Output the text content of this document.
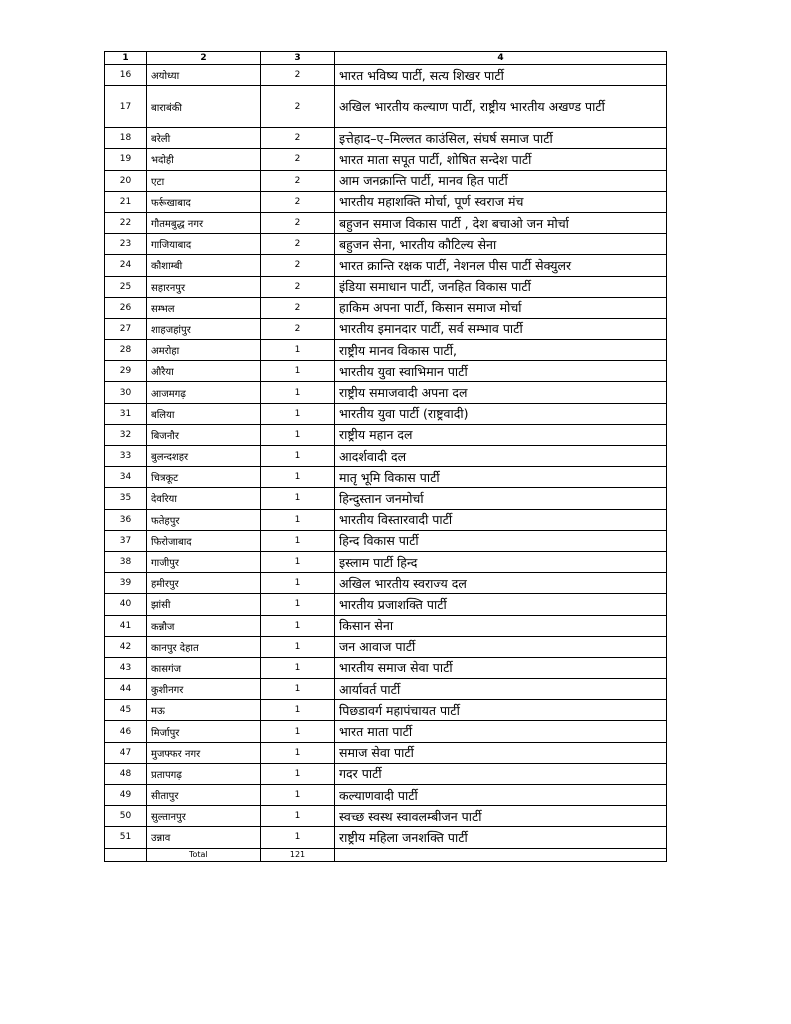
1	2	3	4
16	अयोध्या	2	भारत भविष्य पार्टी, सत्य शिखर पार्टी
17	बाराबंकी	2	अखिल भारतीय कल्याण पार्टी, राष्ट्रीय भारतीय अखण्ड पार्टी
18	बरेली	2	इत्तेहाद–ए–मिल्लत काउंसिल, संघर्ष समाज पार्टी
19	भदोही	2	भारत माता सपूत पार्टी, शोषित सन्देश पार्टी
20	एटा	2	आम जनक्रान्ति पार्टी, मानव हित पार्टी
21	फर्रूखाबाद	2	भारतीय महाशक्ति मोर्चा, पूर्ण स्वराज मंच
22	गौतमबुद्ध नगर	2	बहुजन समाज विकास पार्टी , देश बचाओ जन मोर्चा
23	गाजियाबाद	2	बहुजन सेना, भारतीय कौटिल्य सेना
24	कौशाम्बी	2	भारत क्रान्ति रक्षक पार्टी, नेशनल पीस पार्टी सेक्युलर
25	सहारनपुर	2	इंडिया समाधान पार्टी, जनहित विकास पार्टी
26	सम्भल	2	हाकिम अपना पार्टी, किसान समाज मोर्चा
27	शाहजहांपुर	2	भारतीय इमानदार पार्टी, सर्व सम्भाव पार्टी
28	अमरोहा	1	राष्ट्रीय मानव विकास पार्टी,
29	औरैया	1	भारतीय युवा स्वाभिमान पार्टी
30	आजमगढ़	1	राष्ट्रीय समाजवादी अपना दल
31	बलिया	1	भारतीय युवा पार्टी (राष्ट्रवादी)
32	बिजनौर	1	राष्ट्रीय महान दल
33	बुलन्दशहर	1	आदर्शवादी दल
34	चित्रकूट	1	मातृ भूमि विकास पार्टी
35	देवरिया	1	हिन्दुस्तान जनमोर्चा
36	फतेहपुर	1	भारतीय विस्तारवादी पार्टी
37	फिरोजाबाद	1	हिन्द विकास पार्टी
38	गाजीपुर	1	इस्लाम पार्टी हिन्द
39	हमीरपुर	1	अखिल भारतीय स्वराज्य दल
40	झांसी	1	भारतीय प्रजाशक्ति पार्टी
41	कन्नौज	1	किसान सेना
42	कानपुर देहात	1	जन आवाज पार्टी
43	कासगंज	1	भारतीय समाज सेवा पार्टी
44	कुशीनगर	1	आर्यावर्त पार्टी
45	मऊ	1	पिछडावर्ग महापंचायत पार्टी
46	मिर्जापुर	1	भारत माता पार्टी
47	मुजफ्फर नगर	1	समाज सेवा पार्टी
48	प्रतापगढ़	1	गदर पार्टी
49	सीतापुर	1	कल्याणवादी पार्टी
50	सुल्तानपुर	1	स्वच्छ स्वस्थ स्वावलम्बीजन पार्टी
51	उन्नाव	1	राष्ट्रीय महिला जनशक्ति पार्टी
	Total	121	
